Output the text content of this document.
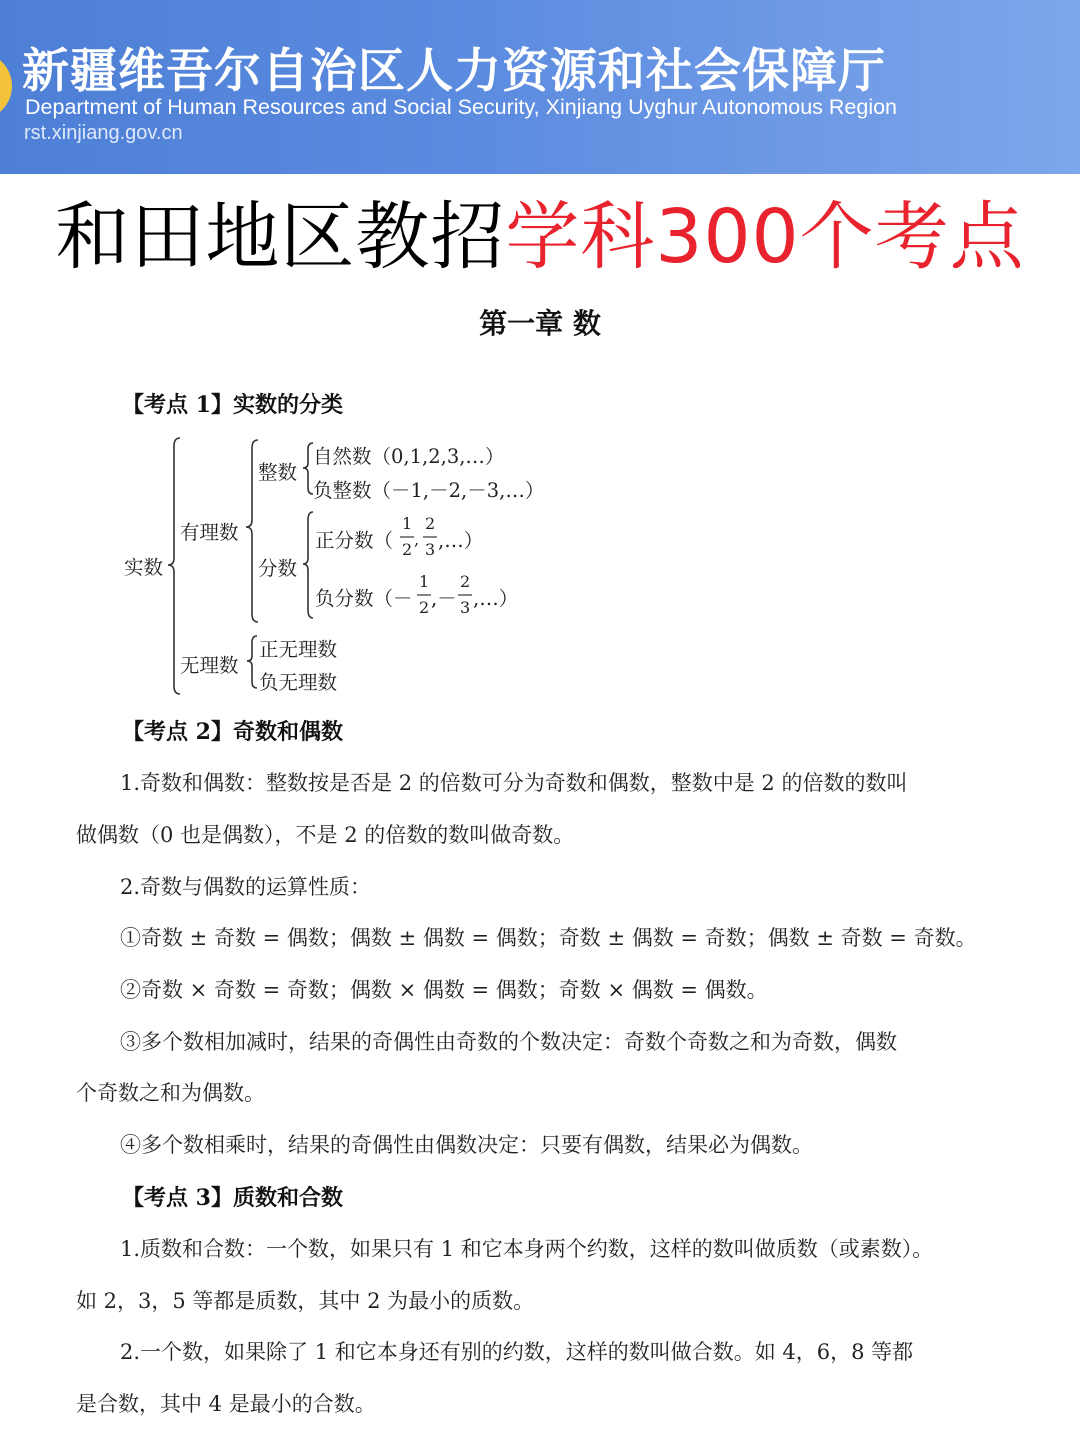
新疆维吾尔自治区人力资源和社会保障厅
Department of Human Resources and Social Security, Xinjiang Uyghur Autonomous Region
rst.xinjiang.gov.cn
和田地区教招学科300个考点
第一章 数
【考点 1】实数的分类
实数
有理数
整数
自然数（0,1,2,3,…）
负整数（－1,－2,－3,…）
分数
正分数（
1
2
,
2
3 ,…）
负分数（－
1
2 ,－
2
3 ,…）
无理数
正无理数
负无理数
【考点 2】奇数和偶数
1.奇数和偶数：整数按是否是 2 的倍数可分为奇数和偶数，整数中是 2 的倍数的数叫
做偶数（0 也是偶数），不是 2 的倍数的数叫做奇数。
2.奇数与偶数的运算性质：
①奇数 ± 奇数 = 偶数；偶数 ± 偶数 = 偶数；奇数 ± 偶数 = 奇数；偶数 ± 奇数 = 奇数。
②奇数 × 奇数 = 奇数；偶数 × 偶数 = 偶数；奇数 × 偶数 = 偶数。
③多个数相加减时，结果的奇偶性由奇数的个数决定：奇数个奇数之和为奇数，偶数
个奇数之和为偶数。
④多个数相乘时，结果的奇偶性由偶数决定：只要有偶数，结果必为偶数。
【考点 3】质数和合数
1.质数和合数：一个数，如果只有 1 和它本身两个约数，这样的数叫做质数（或素数）。
如 2，3，5 等都是质数，其中 2 为最小的质数。
2.一个数，如果除了 1 和它本身还有别的约数，这样的数叫做合数。如 4，6，8 等都
是合数，其中 4 是最小的合数。
